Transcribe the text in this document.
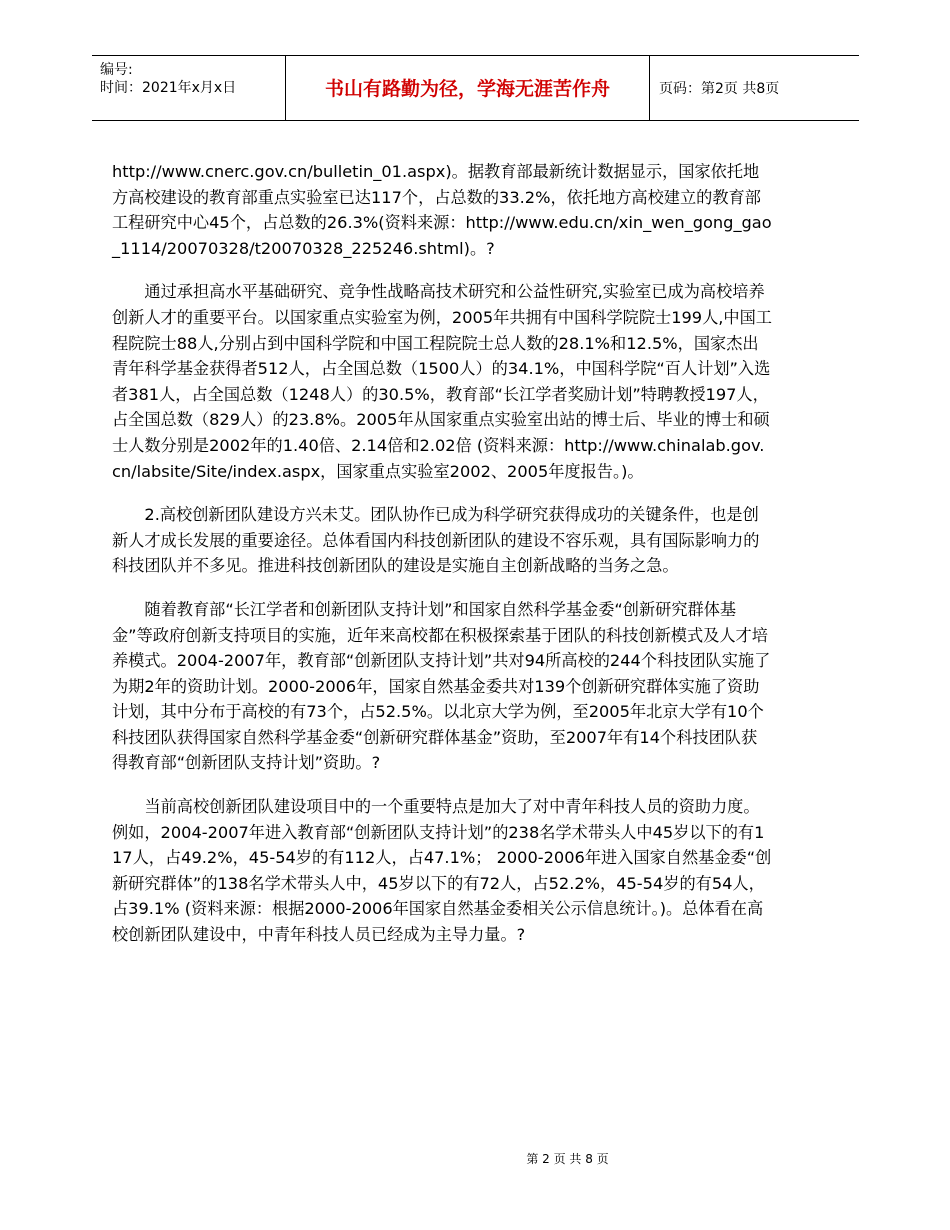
编号:
时间：2021年x月x日	书山有路勤为径，学海无涯苦作舟	页码：第2页 共8页

http://www.cnerc.gov.cn/bulletin_01.aspx)。据教育部最新统计数据显示，国家依托地方高校建设的教育部重点实验室已达117个，占总数的33.2%，依托地方高校建立的教育部工程研究中心45个，占总数的26.3%(资料来源：http://www.edu.cn/xin_wen_gong_gao_1114/20070328/t20070328_225246.shtml)。?

通过承担高水平基础研究、竞争性战略高技术研究和公益性研究,实验室已成为高校培养创新人才的重要平台。以国家重点实验室为例，2005年共拥有中国科学院院士199人,中国工程院院士88人,分别占到中国科学院和中国工程院院士总人数的28.1%和12.5%，国家杰出青年科学基金获得者512人，占全国总数（1500人）的34.1%，中国科学院“百人计划”入选者381人，占全国总数（1248人）的30.5%，教育部“长江学者奖励计划”特聘教授197人，占全国总数（829人）的23.8%。2005年从国家重点实验室出站的博士后、毕业的博士和硕士人数分别是2002年的1.40倍、2.14倍和2.02倍 (资料来源：http://www.chinalab.gov.cn/labsite/Site/index.aspx，国家重点实验室2002、2005年度报告。)。

2.高校创新团队建设方兴未艾。团队协作已成为科学研究获得成功的关键条件，也是创新人才成长发展的重要途径。总体看国内科技创新团队的建设不容乐观，具有国际影响力的科技团队并不多见。推进科技创新团队的建设是实施自主创新战略的当务之急。

随着教育部“长江学者和创新团队支持计划”和国家自然科学基金委“创新研究群体基金”等政府创新支持项目的实施，近年来高校都在积极探索基于团队的科技创新模式及人才培养模式。2004-2007年，教育部“创新团队支持计划”共对94所高校的244个科技团队实施了为期2年的资助计划。2000-2006年，国家自然基金委共对139个创新研究群体实施了资助计划，其中分布于高校的有73个，占52.5%。以北京大学为例，至2005年北京大学有10个科技团队获得国家自然科学基金委“创新研究群体基金”资助，至2007年有14个科技团队获得教育部“创新团队支持计划”资助。?

当前高校创新团队建设项目中的一个重要特点是加大了对中青年科技人员的资助力度。例如，2004-2007年进入教育部“创新团队支持计划”的238名学术带头人中45岁以下的有117人，占49.2%，45-54岁的有112人，占47.1%； 2000-2006年进入国家自然基金委“创新研究群体”的138名学术带头人中，45岁以下的有72人，占52.2%，45-54岁的有54人，占39.1% (资料来源：根据2000-2006年国家自然基金委相关公示信息统计。)。总体看在高校创新团队建设中，中青年科技人员已经成为主导力量。?

第 2 页 共 8 页
